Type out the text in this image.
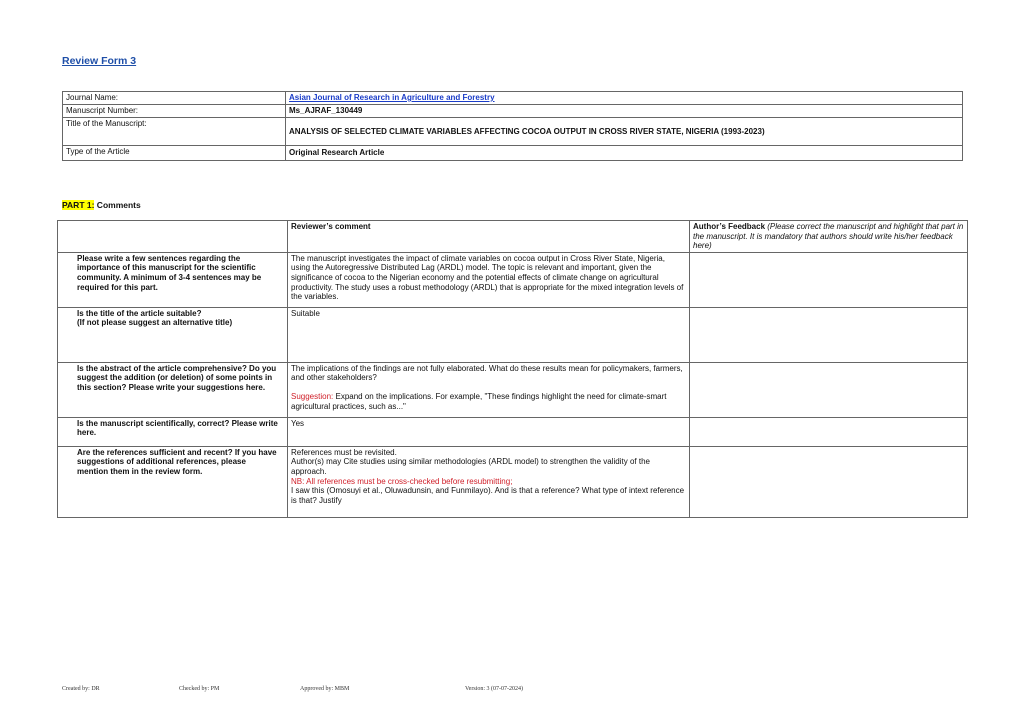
Review Form 3
Journal Name:	Asian Journal of Research in Agriculture and Forestry
Manuscript Number:	Ms_AJRAF_130449
Title of the Manuscript:	ANALYSIS OF SELECTED CLIMATE VARIABLES AFFECTING COCOA OUTPUT IN CROSS RIVER STATE, NIGERIA (1993-2023)
Type of the Article	Original Research Article
PART 1: Comments
	Reviewer’s comment	Author’s Feedback (Please correct the manuscript and highlight that part in the manuscript. It is mandatory that authors should write his/her feedback here)
Please write a few sentences regarding the importance of this manuscript for the scientific community. A minimum of 3-4 sentences may be required for this part.	The manuscript investigates the impact of climate variables on cocoa output in Cross River State, Nigeria, using the Autoregressive Distributed Lag (ARDL) model. The topic is relevant and important, given the significance of cocoa to the Nigerian economy and the potential effects of climate change on agricultural productivity. The study uses a robust methodology (ARDL) that is appropriate for the mixed integration levels of the variables.	

Is the title of the article suitable?
(If not please suggest an alternative title)	Suitable	
Is the abstract of the article comprehensive? Do you suggest the addition (or deletion) of some points in this section? Please write your suggestions here.	The implications of the findings are not fully elaborated. What do these results mean for policymakers, farmers, and other stakeholders?
Suggestion: Expand on the implications. For example, "These findings highlight the need for climate-smart agricultural practices, such as..."	

Is the manuscript scientifically, correct? Please write here.	Yes	
Are the references sufficient and recent? If you have suggestions of additional references, please mention them in the review form.	References must be revisited.
Author(s) may Cite studies using similar methodologies (ARDL model) to strengthen the validity of the approach.
NB: All references must be cross-checked before resubmitting;
I saw this (Omosuyi et al., Oluwadunsin, and Funmilayo). And is that a reference? What type of intext reference is that? Justify	

Created by: DR	Checked by: PM	Approved by: MBM	Version: 3 (07-07-2024)
